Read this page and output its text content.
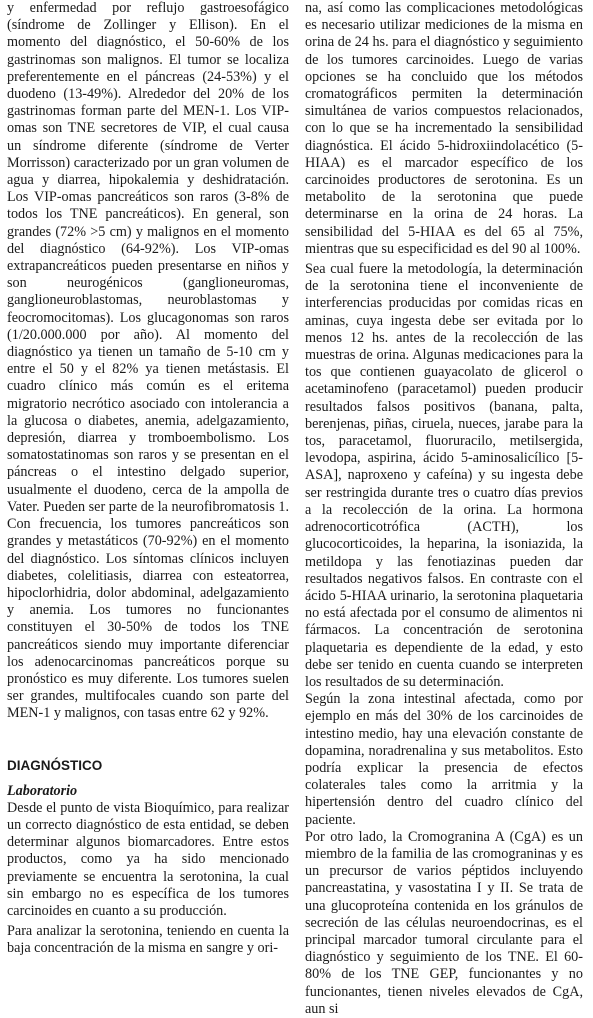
y enfermedad por reflujo gastroesofágico (síndrome de Zollinger y Ellison). En el momento del diagnóstico, el 50-60% de los gastrinomas son malignos. El tumor se localiza preferentemente en el páncreas (24-53%) y el duodeno (13-49%). Alrededor del 20% de los gastrinomas forman parte del MEN-1. Los VIP-omas son TNE secretores de VIP, el cual causa un síndrome diferente (síndrome de Verter Morrisson) caracterizado por un gran volumen de agua y diarrea, hipokalemia y deshidratación. Los VIP-omas pancreáticos son raros (3-8% de todos los TNE pancreáticos). En general, son grandes (72% >5 cm) y malignos en el momento del diagnóstico (64-92%). Los VIP-omas extrapancreáticos pueden presentarse en niños y son neurogénicos (ganglioneuromas, ganglioneuroblastomas, neuroblastomas y feocromocitomas). Los glucagonomas son raros (1/20.000.000 por año). Al momento del diagnóstico ya tienen un tamaño de 5-10 cm y entre el 50 y el 82% ya tienen metástasis. El cuadro clínico más común es el eritema migratorio necrótico asociado con intolerancia a la glucosa o diabetes, anemia, adelgazamiento, depresión, diarrea y tromboembolismo. Los somatostatinomas son raros y se presentan en el páncreas o el intestino delgado superior, usualmente el duodeno, cerca de la ampolla de Vater. Pueden ser parte de la neurofibromatosis 1. Con frecuencia, los tumores pancreáticos son grandes y metastáticos (70-92%) en el momento del diagnóstico. Los síntomas clínicos incluyen diabetes, colelitiasis, diarrea con esteatorrea, hipoclorhidria, dolor abdominal, adelgazamiento y anemia. Los tumores no funcionantes constituyen el 30-50% de todos los TNE pancreáticos siendo muy importante diferenciar los adenocarcinomas pancreáticos porque su pronóstico es muy diferente. Los tumores suelen ser grandes, multifocales cuando son parte del MEN-1 y malignos, con tasas entre 62 y 92%.

DIAGNÓSTICO

Laboratorio

Desde el punto de vista Bioquímico, para realizar un correcto diagnóstico de esta entidad, se deben determinar algunos biomarcadores. Entre estos productos, como ya ha sido mencionado previamente se encuentra la serotonina, la cual sin embargo no es específica de los tumores carcinoides en cuanto a su producción.

Para analizar la serotonina, teniendo en cuenta la baja concentración de la misma en sangre y ori-

na, así como las complicaciones metodológicas es necesario utilizar mediciones de la misma en orina de 24 hs. para el diagnóstico y seguimiento de los tumores carcinoides. Luego de varias opciones se ha concluido que los métodos cromatográficos permiten la determinación simultánea de varios compuestos relacionados, con lo que se ha incrementado la sensibilidad diagnóstica. El ácido 5-hidroxiindolacético (5-HIAA) es el marcador específico de los carcinoides productores de serotonina. Es un metabolito de la serotonina que puede determinarse en la orina de 24 horas. La sensibilidad del 5-HIAA es del 65 al 75%, mientras que su especificidad es del 90 al 100%.

Sea cual fuere la metodología, la determinación de la serotonina tiene el inconveniente de interferencias producidas por comidas ricas en aminas, cuya ingesta debe ser evitada por lo menos 12 hs. antes de la recolección de las muestras de orina. Algunas medicaciones para la tos que contienen guayacolato de glicerol o acetaminofeno (paracetamol) pueden producir resultados falsos positivos (banana, palta, berenjenas, piñas, ciruela, nueces, jarabe para la tos, paracetamol, fluoruracilo, metilsergida, levodopa, aspirina, ácido 5-aminosalicílico [5-ASA], naproxeno y cafeína) y su ingesta debe ser restringida durante tres o cuatro días previos a la recolección de la orina. La hormona adrenocorticotrófica (ACTH), los glucocorticoides, la heparina, la isoniazida, la metildopa y las fenotiazinas pueden dar resultados negativos falsos. En contraste con el ácido 5-HIAA urinario, la serotonina plaquetaria no está afectada por el consumo de alimentos ni fármacos. La concentración de serotonina plaquetaria es dependiente de la edad, y esto debe ser tenido en cuenta cuando se interpreten los resultados de su determinación.

Según la zona intestinal afectada, como por ejemplo en más del 30% de los carcinoides de intestino medio, hay una elevación constante de dopamina, noradrenalina y sus metabolitos. Esto podría explicar la presencia de efectos colaterales tales como la arritmia y la hipertensión dentro del cuadro clínico del paciente.

Por otro lado, la Cromogranina A (CgA) es un miembro de la familia de las cromograninas y es un precursor de varios péptidos incluyendo pancreastatina, y vasostatina I y II. Se trata de una glucoproteína contenida en los gránulos de secreción de las células neuroendocrinas, es el principal marcador tumoral circulante para el diagnóstico y seguimiento de los TNE. El 60-80% de los TNE GEP, funcionantes y no funcionantes, tienen niveles elevados de CgA, aun si
